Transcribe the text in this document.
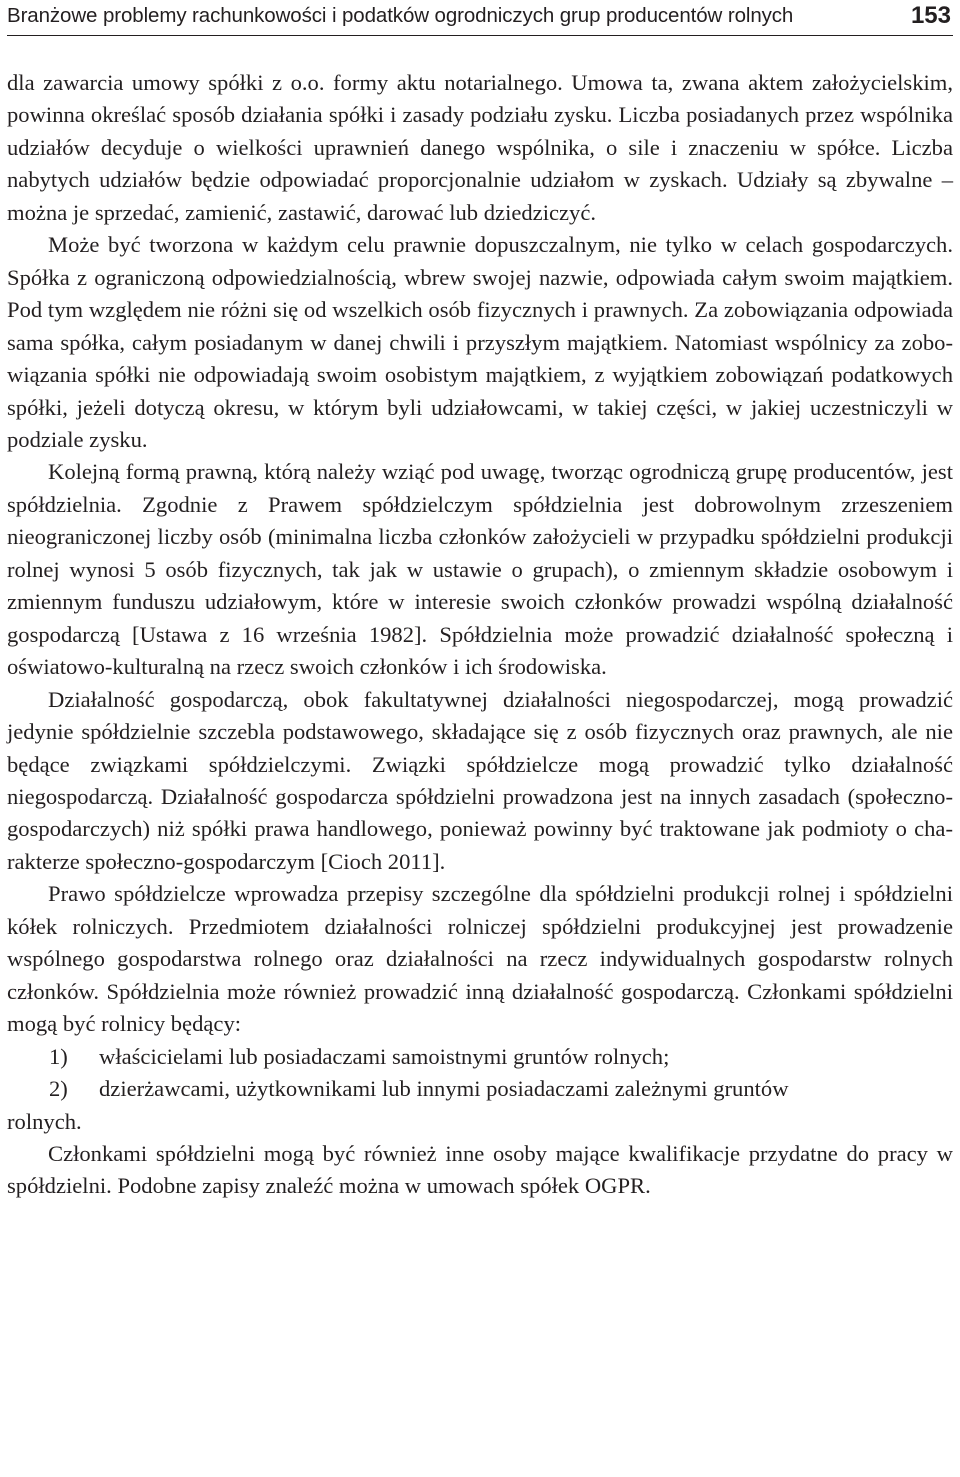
Branżowe problemy rachunkowości i podatków ogrodniczych grup producentów rolnych	153

dla zawarcia umowy spółki z o.o. formy aktu notarialnego. Umowa ta, zwana aktem założycielskim, powinna określać sposób działania spółki i zasady podziału zysku. Liczba posiadanych przez wspólnika udziałów decyduje o wielkości uprawnień danego wspólnika, o sile i znaczeniu w spółce. Liczba nabytych udziałów będzie odpowiadać proporcjonalnie udziałom w zyskach. Udziały są zbywalne – można je sprzedać, zamienić, zastawić, darować lub dziedziczyć.

Może być tworzona w każdym celu prawnie dopuszczalnym, nie tylko w celach gospodarczych. Spółka z ograniczoną odpowiedzialnością, wbrew swojej nazwie, odpowiada całym swoim majątkiem. Pod tym względem nie różni się od wszelkich osób fizycznych i prawnych. Za zobowiązania odpowiada sama spółka, całym posiadanym w danej chwili i przyszłym majątkiem. Natomiast wspólnicy za zobowiązania spółki nie odpowiadają swoim osobistym majątkiem, z wyjątkiem zobowiązań podatkowych spółki, jeżeli dotyczą okresu, w którym byli udziałowcami, w takiej części, w jakiej uczestniczyli w podziale zysku.

Kolejną formą prawną, którą należy wziąć pod uwagę, tworząc ogrodniczą grupę producentów, jest spółdzielnia. Zgodnie z Prawem spółdzielczym spółdzielnia jest dobrowolnym zrzeszeniem nieograniczonej liczby osób (minimalna liczba członków założycieli w przypadku spółdzielni produkcji rolnej wynosi 5 osób fizycznych, tak jak w ustawie o grupach), o zmiennym składzie osobowym i zmiennym funduszu udziałowym, które w interesie swoich członków prowadzi wspólną działalność gospodarczą [Ustawa z 16 września 1982]. Spółdzielnia może prowadzić działalność społeczną i oświatowo-kulturalną na rzecz swoich członków i ich środowiska.

Działalność gospodarczą, obok fakultatywnej działalności niegospodarczej, mogą prowadzić jedynie spółdzielnie szczebla podstawowego, składające się z osób fizycznych oraz prawnych, ale nie będące związkami spółdzielczymi. Związki spółdzielcze mogą prowadzić tylko działalność niegospodarczą. Działalność gospodarcza spółdzielni prowadzona jest na innych zasadach (społeczno-gospodarczych) niż spółki prawa handlowego, ponieważ powinny być traktowane jak podmioty o charakterze społeczno-gospodarczym [Cioch 2011].

Prawo spółdzielcze wprowadza przepisy szczególne dla spółdzielni produkcji rolnej i spółdzielni kółek rolniczych. Przedmiotem działalności rolniczej spółdzielni produkcyjnej jest prowadzenie wspólnego gospodarstwa rolnego oraz działalności na rzecz indywidualnych gospodarstw rolnych członków. Spółdzielnia może również prowadzić inną działalność gospodarczą. Członkami spółdzielni mogą być rolnicy będący:

1)	właścicielami lub posiadaczami samoistnymi gruntów rolnych;
2)	dzierżawcami, użytkownikami lub innymi posiadaczami zależnymi gruntów

rolnych.

Członkami spółdzielni mogą być również inne osoby mające kwalifikacje przydatne do pracy w spółdzielni. Podobne zapisy znaleźć można w umowach spółek OGPR.
